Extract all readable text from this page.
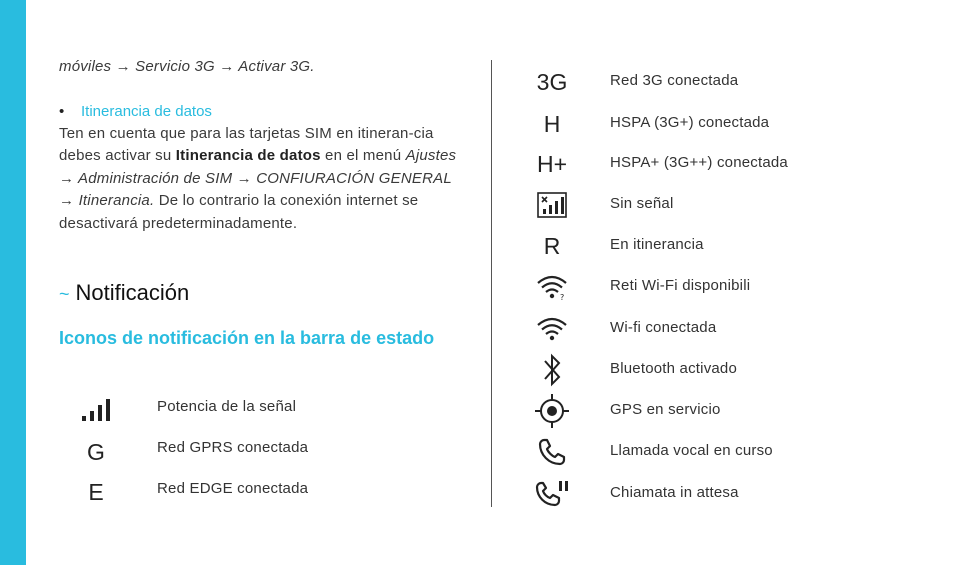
móviles → Servicio 3G → Activar 3G.

• Itinerancia de datos

Ten en cuenta que para las tarjetas SIM en itineran-cia debes activar su Itinerancia de datos en el menú Ajustes → Administración de SIM → CONFIURACIÓN GENERAL → Itinerancia. De lo contrario la conexión internet se desactivará predeterminadamente.

~ Notificación
Iconos de notificación en la barra de estado
Potencia de la señal
G	Red GPRS conectada
E	Red EDGE conectada
3G	Red 3G conectada
H	HSPA (3G+) conectada
H+	HSPA+ (3G++) conectada
Sin señal
R	En itinerancia
?
Reti Wi-Fi disponibili
Wi-fi conectada
Bluetooth activado
GPS en servicio
Llamada vocal en curso
Chiamata in attesa
